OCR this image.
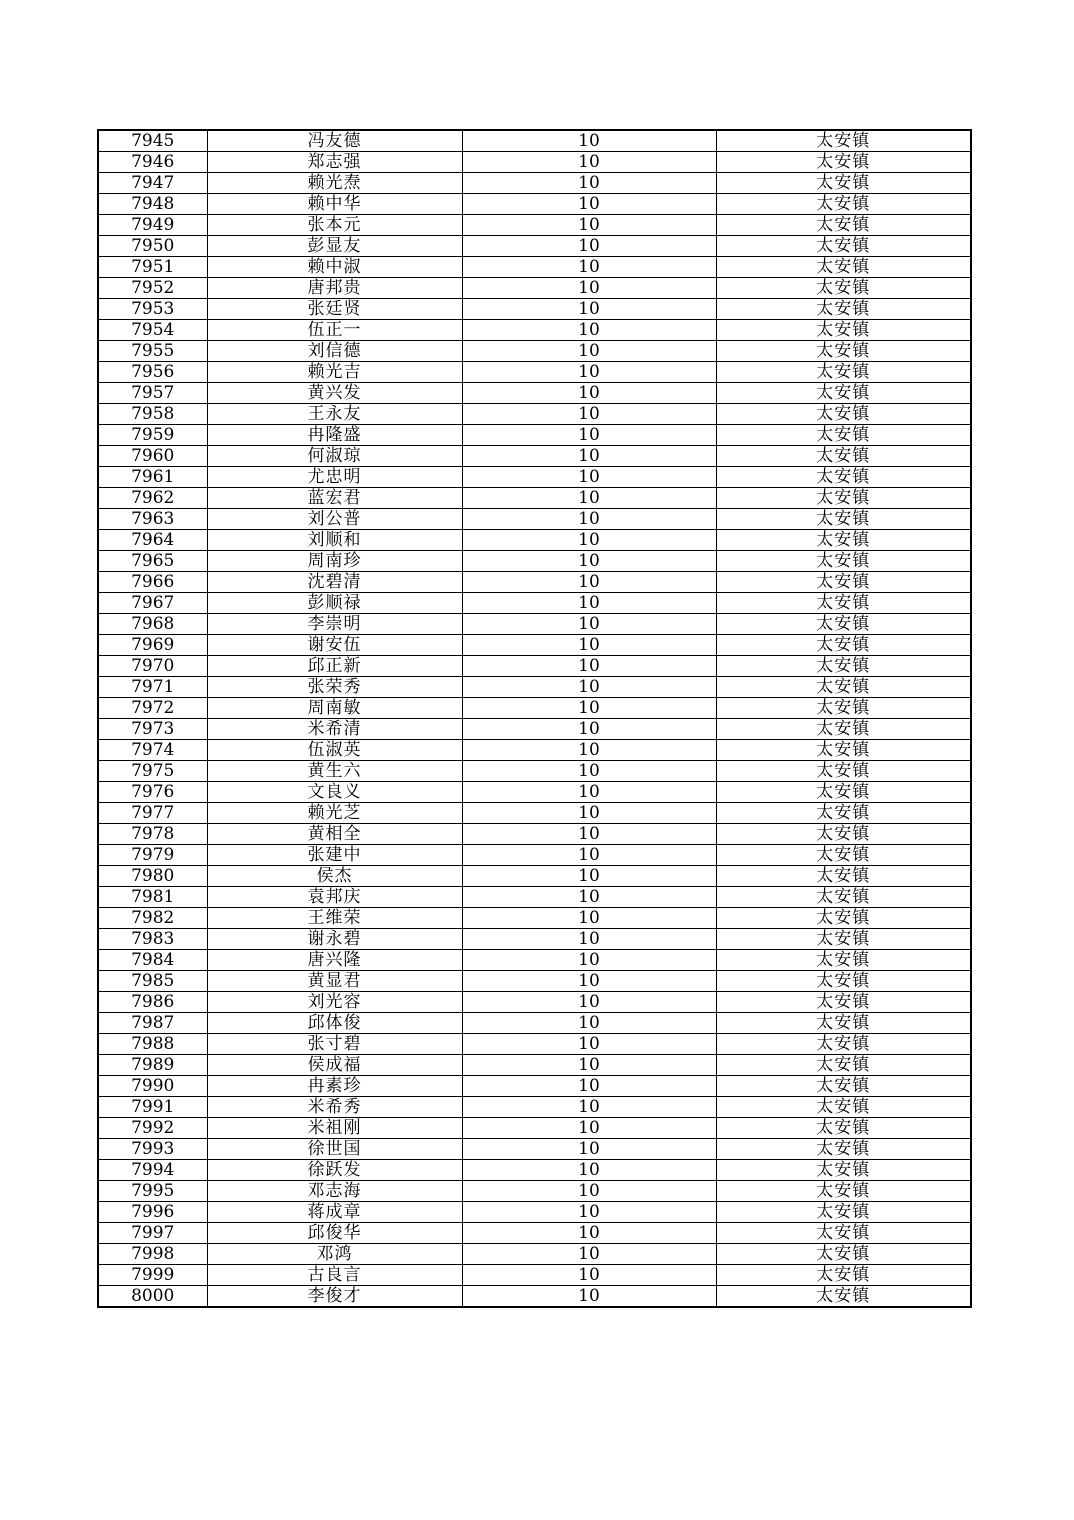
7945	冯友德	10	太安镇
7946	郑志强	10	太安镇
7947	赖光焘	10	太安镇
7948	赖中华	10	太安镇
7949	张本元	10	太安镇
7950	彭显友	10	太安镇
7951	赖中淑	10	太安镇
7952	唐邦贵	10	太安镇
7953	张廷贤	10	太安镇
7954	伍正一	10	太安镇
7955	刘信德	10	太安镇
7956	赖光吉	10	太安镇
7957	黄兴发	10	太安镇
7958	王永友	10	太安镇
7959	冉隆盛	10	太安镇
7960	何淑琼	10	太安镇
7961	尤忠明	10	太安镇
7962	蓝宏君	10	太安镇
7963	刘公普	10	太安镇
7964	刘顺和	10	太安镇
7965	周南珍	10	太安镇
7966	沈碧清	10	太安镇
7967	彭顺禄	10	太安镇
7968	李崇明	10	太安镇
7969	谢安伍	10	太安镇
7970	邱正新	10	太安镇
7971	张荣秀	10	太安镇
7972	周南敏	10	太安镇
7973	米希清	10	太安镇
7974	伍淑英	10	太安镇
7975	黄生六	10	太安镇
7976	文良义	10	太安镇
7977	赖光芝	10	太安镇
7978	黄相全	10	太安镇
7979	张建中	10	太安镇
7980	侯杰	10	太安镇
7981	袁邦庆	10	太安镇
7982	王维荣	10	太安镇
7983	谢永碧	10	太安镇
7984	唐兴隆	10	太安镇
7985	黄显君	10	太安镇
7986	刘光容	10	太安镇
7987	邱体俊	10	太安镇
7988	张寸碧	10	太安镇
7989	侯成福	10	太安镇
7990	冉素珍	10	太安镇
7991	米希秀	10	太安镇
7992	米祖刚	10	太安镇
7993	徐世国	10	太安镇
7994	徐跃发	10	太安镇
7995	邓志海	10	太安镇
7996	蒋成章	10	太安镇
7997	邱俊华	10	太安镇
7998	邓鸿	10	太安镇
7999	古良言	10	太安镇
8000	李俊才	10	太安镇
